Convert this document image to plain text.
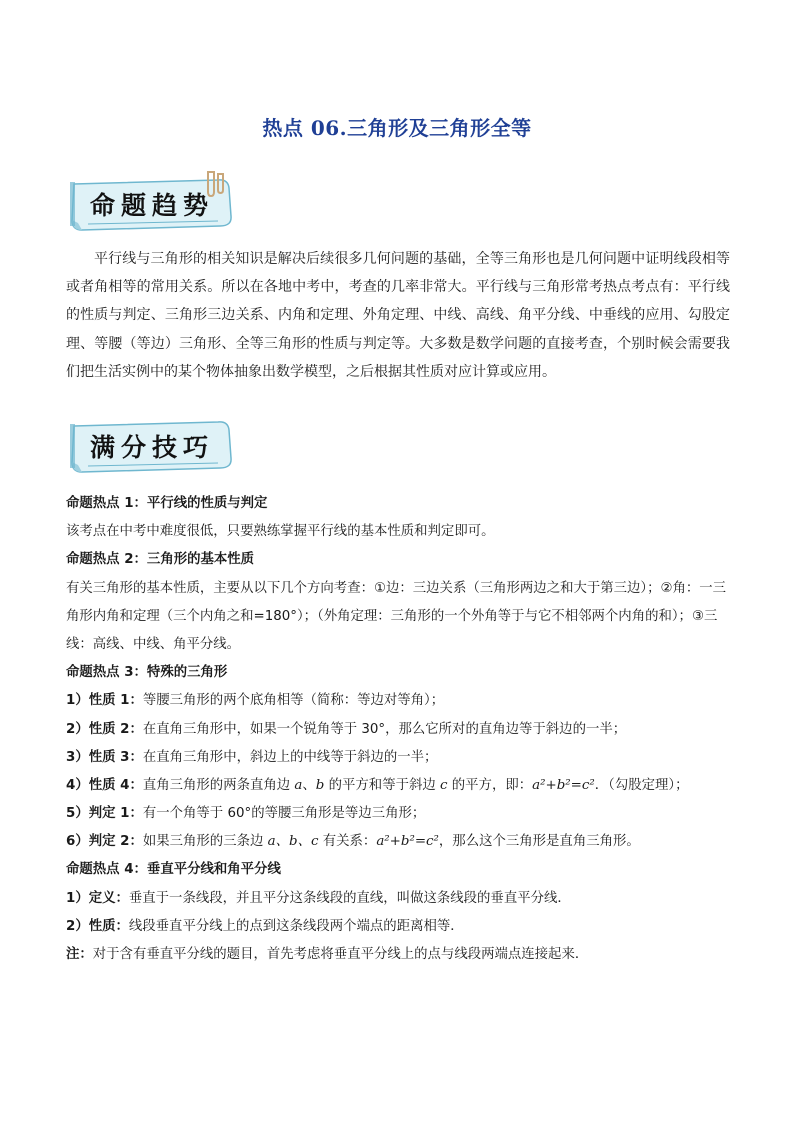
热点 06.三角形及三角形全等
命题趋势
平行线与三角形的相关知识是解决后续很多几何问题的基础，全等三角形也是几何问题中证明线段相等或者角相等的常用关系。所以在各地中考中，考查的几率非常大。平行线与三角形常考热点考点有：平行线的性质与判定、三角形三边关系、内角和定理、外角定理、中线、高线、角平分线、中垂线的应用、勾股定理、等腰（等边）三角形、全等三角形的性质与判定等。大多数是数学问题的直接考查，个别时候会需要我们把生活实例中的某个物体抽象出数学模型，之后根据其性质对应计算或应用。
满分技巧
命题热点 1：平行线的性质与判定
该考点在中考中难度很低，只要熟练掌握平行线的基本性质和判定即可。
命题热点 2：三角形的基本性质
有关三角形的基本性质，主要从以下几个方向考查：①边：三边关系（三角形两边之和大于第三边）；②角：一三角形内角和定理（三个内角之和=180°）；（外角定理：三角形的一个外角等于与它不相邻两个内角的和）；③三线：高线、中线、角平分线。
命题热点 3：特殊的三角形
1）性质 1：等腰三角形的两个底角相等（简称：等边对等角）；
2）性质 2：在直角三角形中，如果一个锐角等于 30°，那么它所对的直角边等于斜边的一半；
3）性质 3：在直角三角形中，斜边上的中线等于斜边的一半；
4）性质 4：直角三角形的两条直角边 a、b 的平方和等于斜边 c 的平方，即：a²+b²=c²．（勾股定理）；
5）判定 1：有一个角等于 60°的等腰三角形是等边三角形；
6）判定 2：如果三角形的三条边 a、b、c 有关系：a²+b²=c²，那么这个三角形是直角三角形。
命题热点 4：垂直平分线和角平分线
1）定义：垂直于一条线段，并且平分这条线段的直线，叫做这条线段的垂直平分线．
2）性质：线段垂直平分线上的点到这条线段两个端点的距离相等．
注：对于含有垂直平分线的题目，首先考虑将垂直平分线上的点与线段两端点连接起来．
